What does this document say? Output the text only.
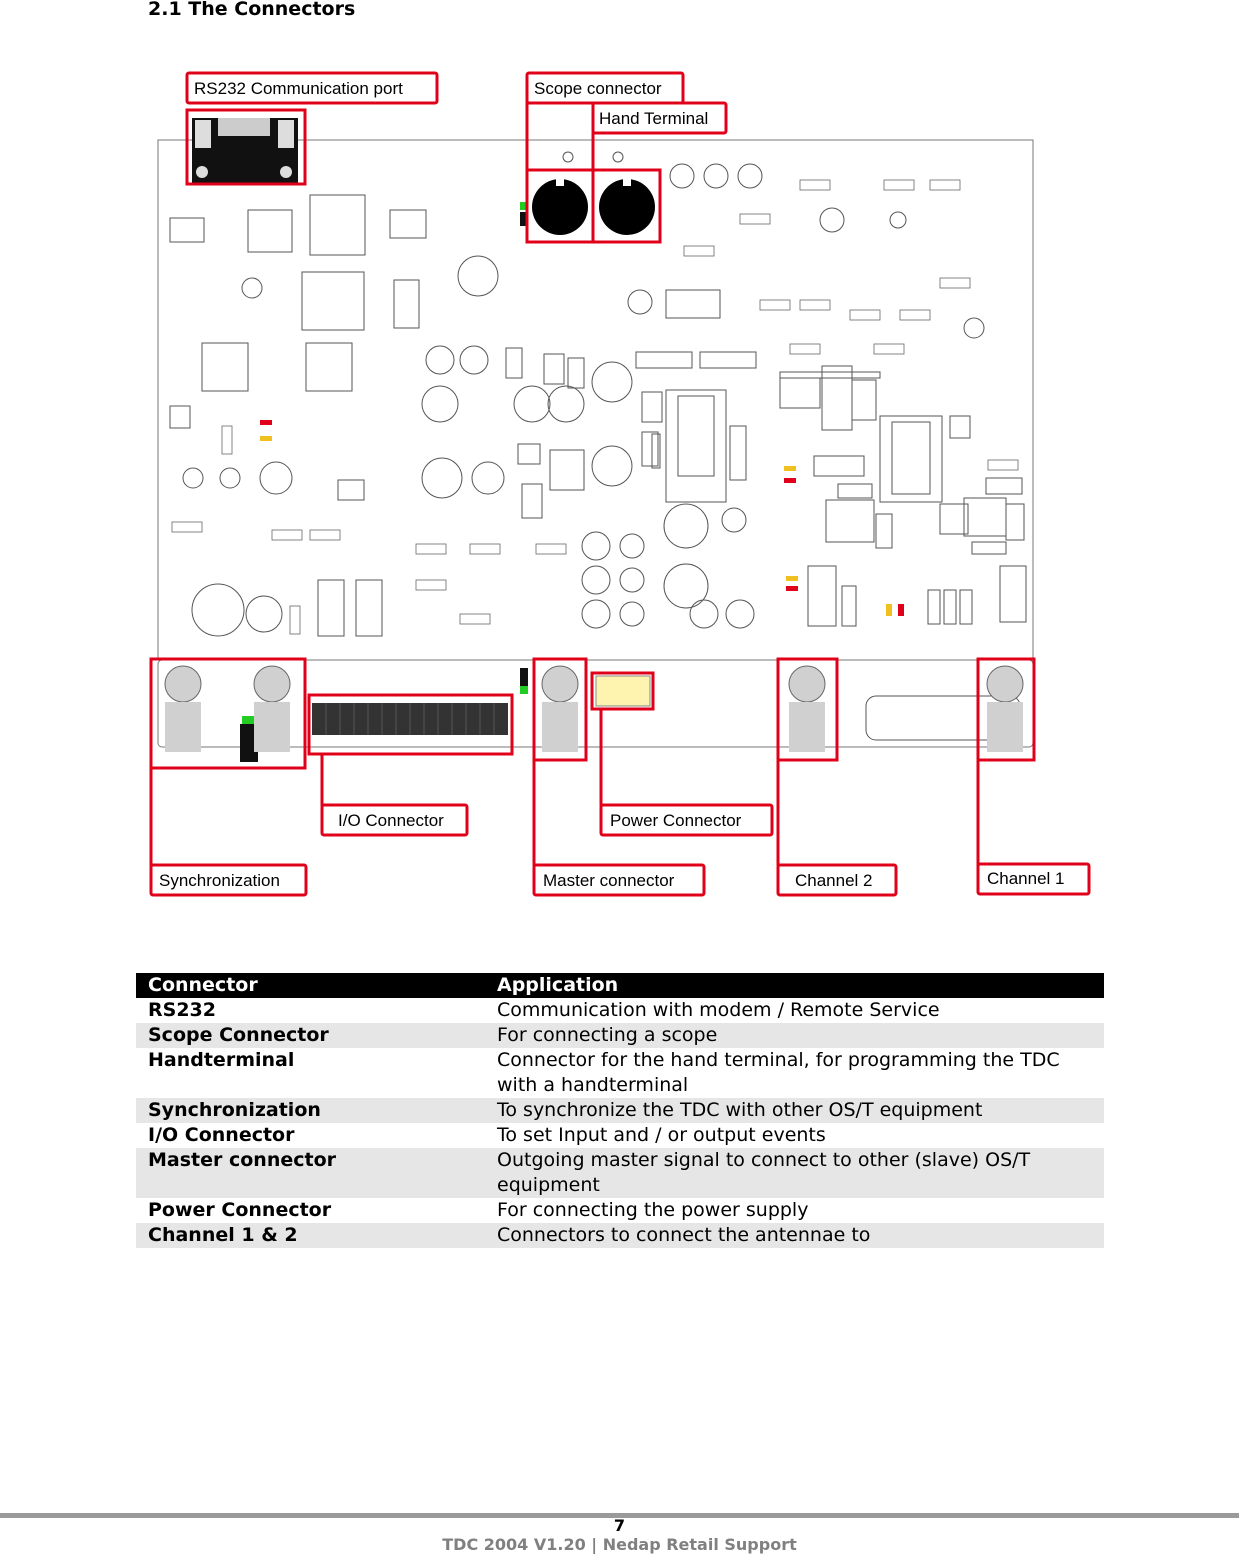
2.1 The Connectors
RS232 Communication port	Scope connector
Hand Terminal
I/O Connector	Power Connector
Synchronization	Master connector	Channel 2	Channel 1
Connector	Application
RS232	Communication with modem / Remote Service
Scope Connector	For connecting a scope
Handterminal	Connector for the hand terminal, for programming the TDC with a handterminal
Synchronization	To synchronize the TDC with other OS/T equipment
I/O Connector	To set Input and / or output events
Master connector	Outgoing master signal to connect to other (slave) OS/T equipment
Power Connector	For connecting the power supply
Channel 1 & 2	Connectors to connect the antennae to
7
TDC 2004 V1.20 | Nedap Retail Support
